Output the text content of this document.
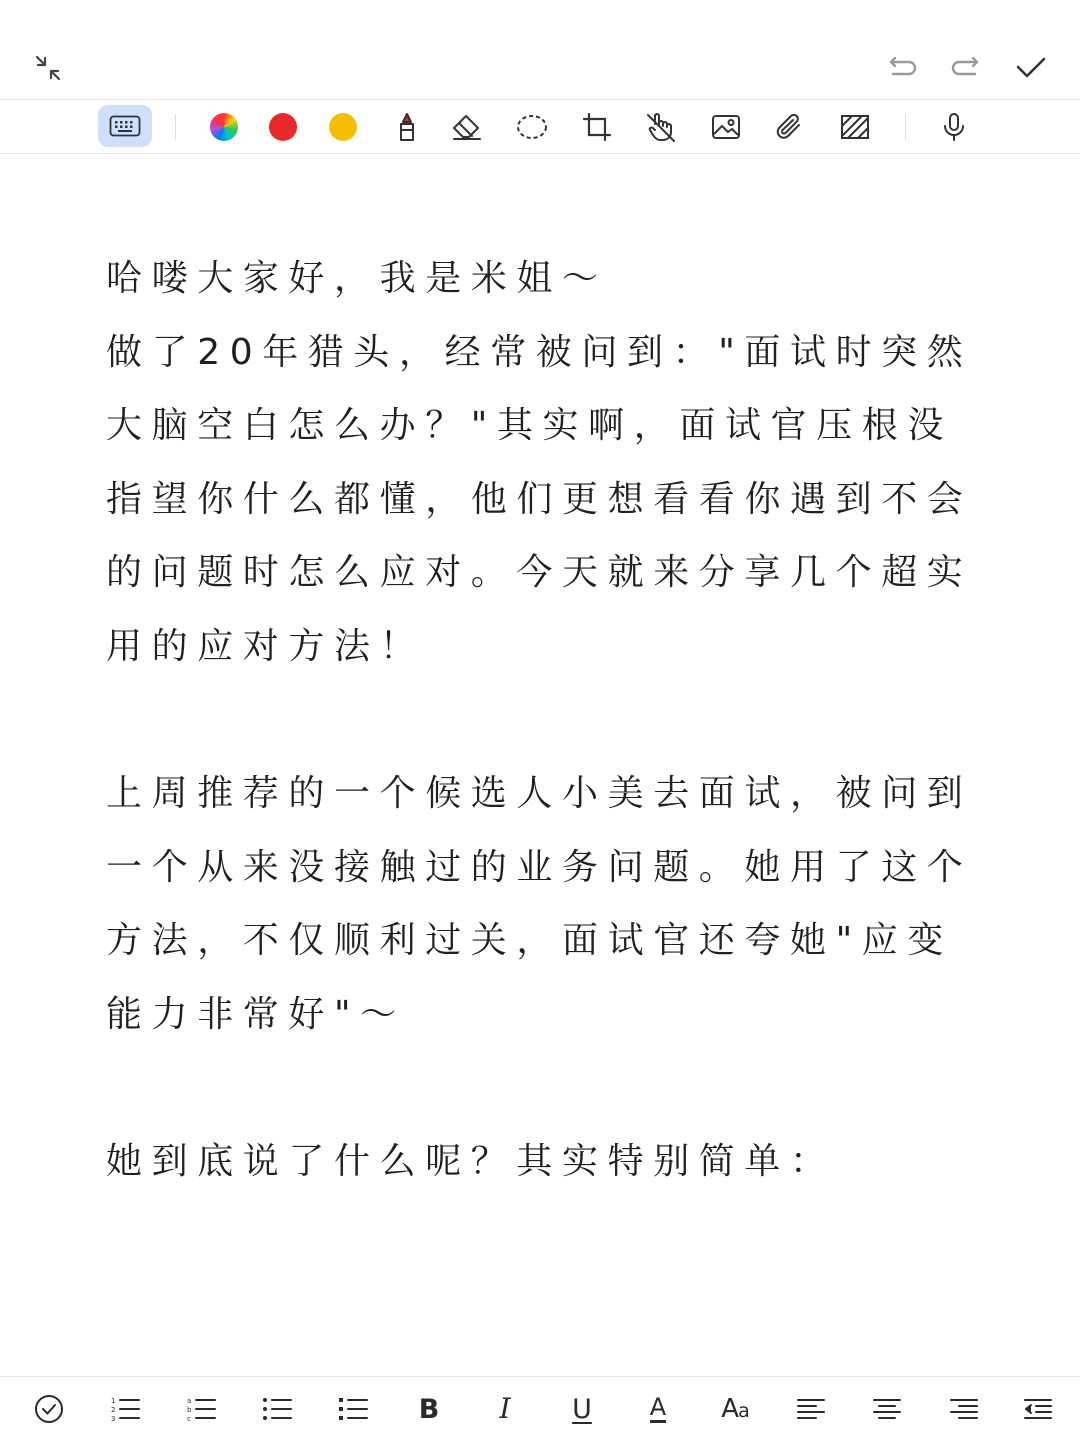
哈喽大家好，我是米姐～
做了20年猎头，经常被问到："面试时突然大脑空白怎么办？"其实啊，面试官压根没指望你什么都懂，他们更想看看你遇到不会的问题时怎么应对。今天就来分享几个超实用的应对方法！

上周推荐的一个候选人小美去面试，被问到一个从来没接触过的业务问题。她用了这个方法，不仅顺利过关，面试官还夸她"应变能力非常好"～

她到底说了什么呢？其实特别简单：

1
2
3
a
b
c	B I U A Aa
